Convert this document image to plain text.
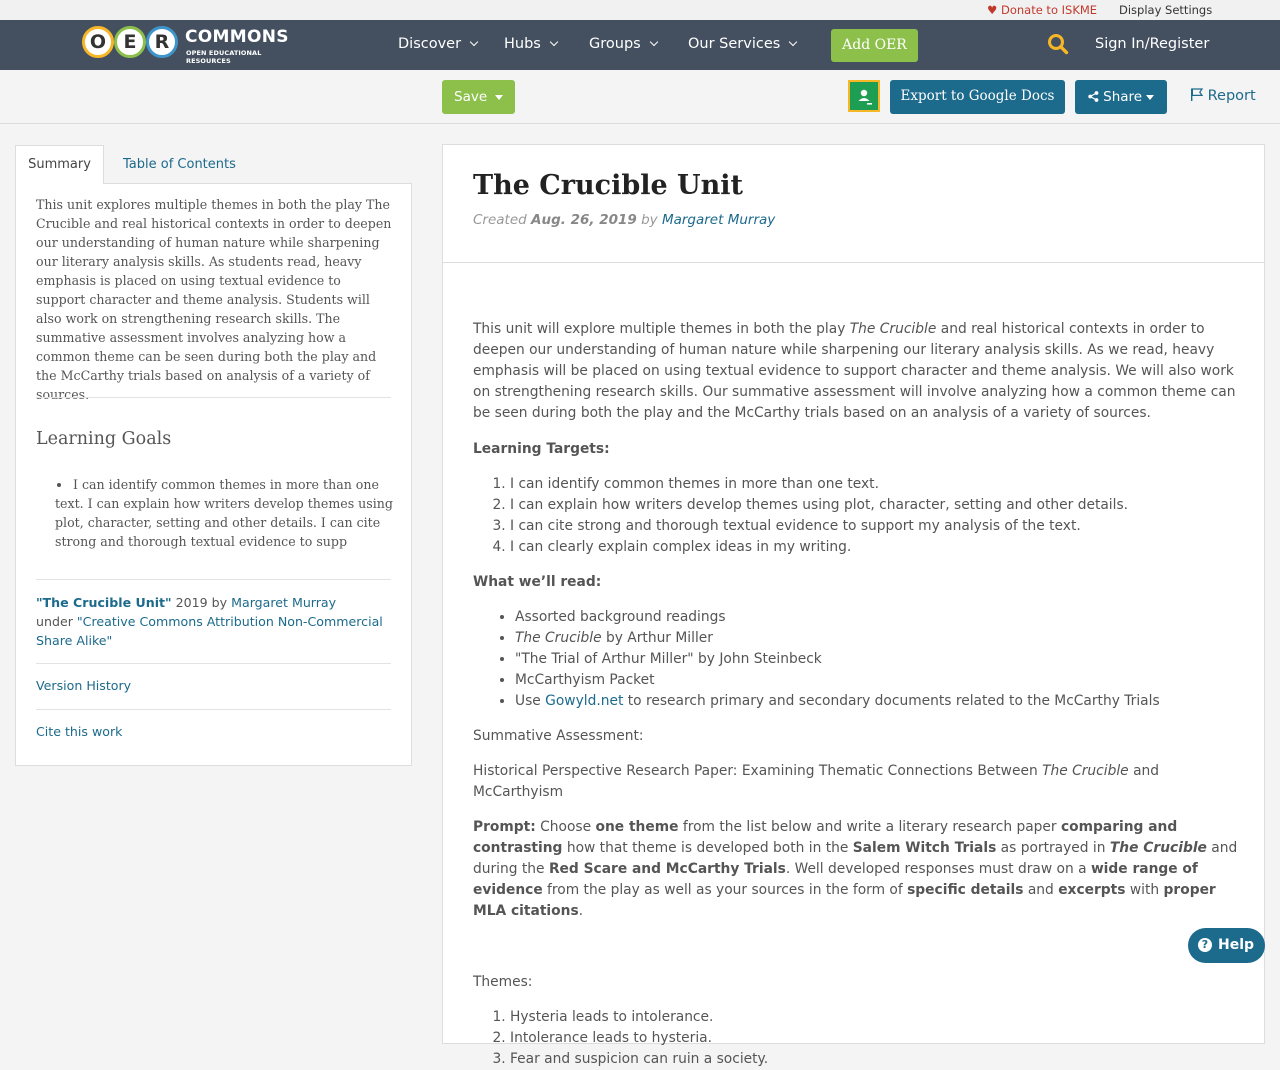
♥ Donate to ISKME Display Settings
O E R COMMONS
OPEN EDUCATIONAL RESOURCES
Discover	Hubs	Groups	Our Services	Add OER	Sign In/Register
Save	Export to Google Docs	Share	Report
Summary	Table of Contents
This unit explores multiple themes in both the play The Crucible and real historical contexts in order to deepen our understanding of human nature while sharpening our literary analysis skills. As students read, heavy emphasis is placed on using textual evidence to support character and theme analysis. Students will also work on strengthening research skills. The summative assessment involves analyzing how a common theme can be seen during both the play and the McCarthy trials based on analysis of a variety of sources.
Learning Goals
I can identify common themes in more than one text. I can explain how writers develop themes using plot, character, setting and other details. I can cite strong and thorough textual evidence to supp
"The Crucible Unit" 2019 by Margaret Murray
under "Creative Commons Attribution Non-Commercial Share Alike"
Version History
Cite this work
The Crucible Unit
Created Aug. 26, 2019 by Margaret Murray

This unit will explore multiple themes in both the play The Crucible and real historical contexts in order to deepen our understanding of human nature while sharpening our literary analysis skills. As we read, heavy emphasis will be placed on using textual evidence to support character and theme analysis. We will also work on strengthening research skills. Our summative assessment will involve analyzing how a common theme can be seen during both the play and the McCarthy trials based on an analysis of a variety of sources.

Learning Targets:

1. I can identify common themes in more than one text.
2. I can explain how writers develop themes using plot, character, setting and other details.
3. I can cite strong and thorough textual evidence to support my analysis of the text.
4. I can clearly explain complex ideas in my writing.

What we’ll read:

• Assorted background readings
• The Crucible by Arthur Miller
• "The Trial of Arthur Miller" by John Steinbeck
• McCarthyism Packet
• Use Gowyld.net to research primary and secondary documents related to the McCarthy Trials

Summative Assessment:

Historical Perspective Research Paper: Examining Thematic Connections Between The Crucible and McCarthyism

Prompt: Choose one theme from the list below and write a literary research paper comparing and contrasting how that theme is developed both in the Salem Witch Trials as portrayed in The Crucible and during the Red Scare and McCarthy Trials. Well developed responses must draw on a wide range of evidence from the play as well as your sources in the form of specific details and excerpts with proper MLA citations.

Themes:

1. Hysteria leads to intolerance.
2. Intolerance leads to hysteria.
3. Fear and suspicion can ruin a society.
? Help
